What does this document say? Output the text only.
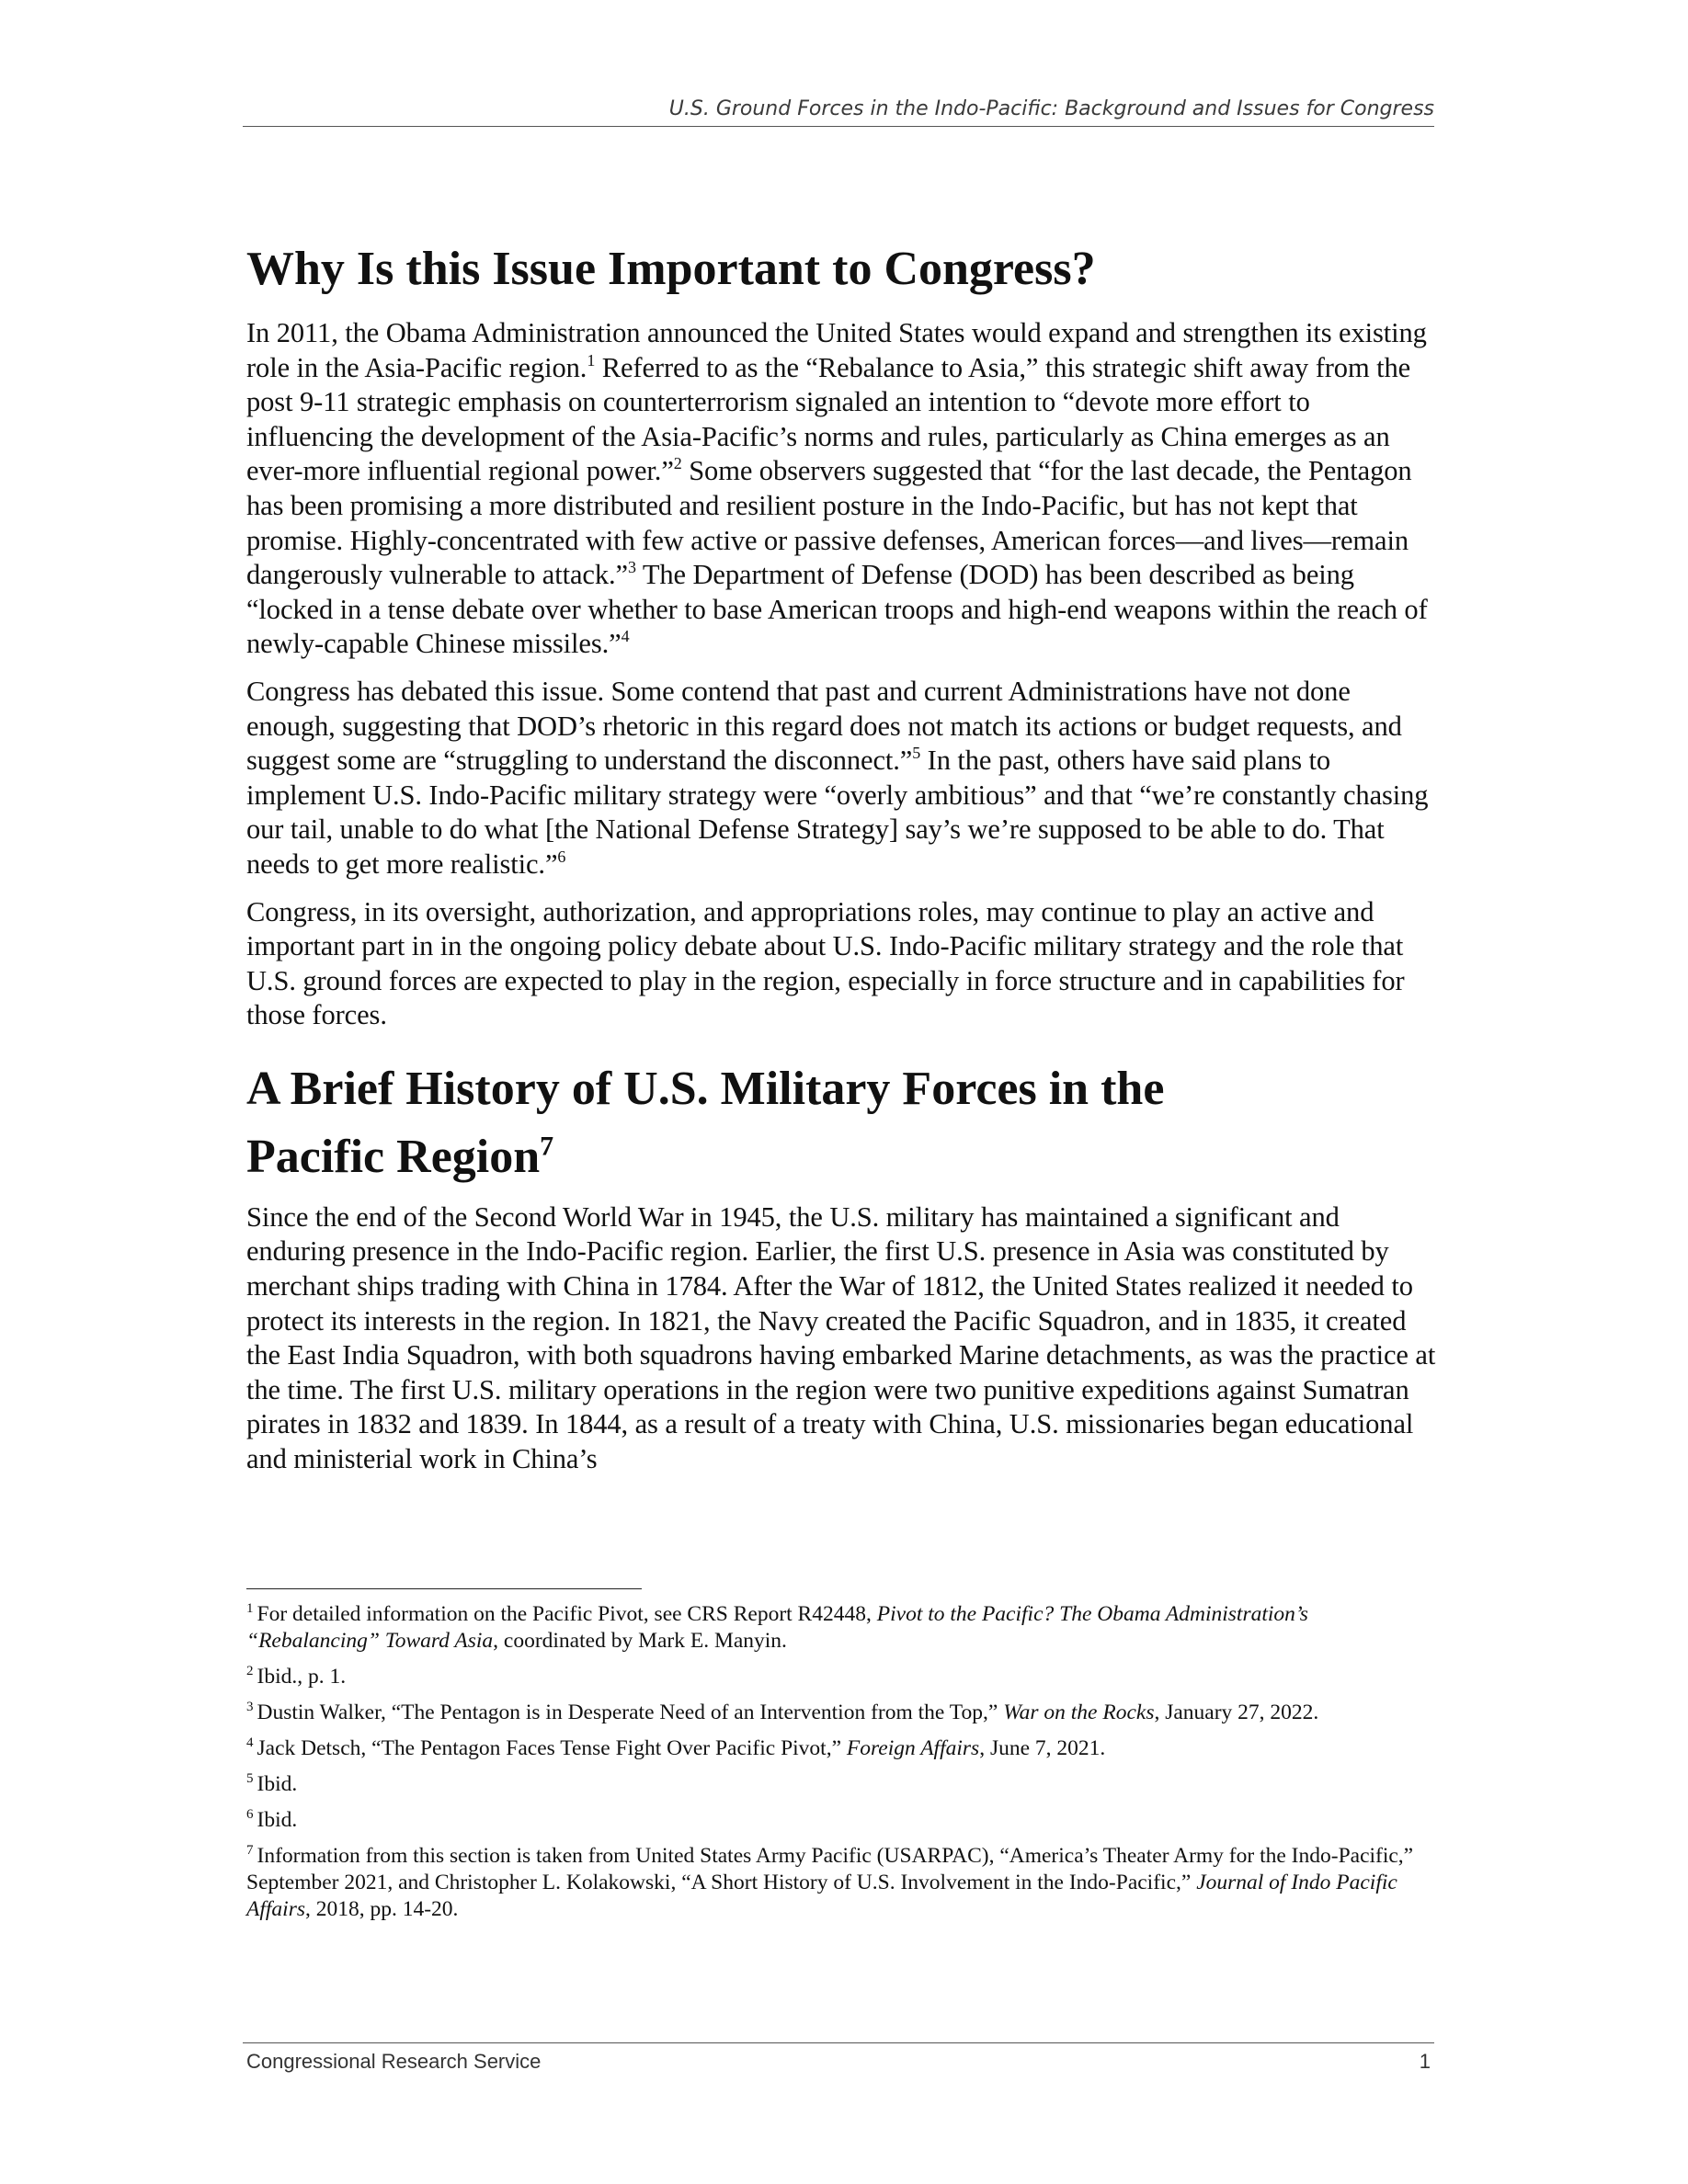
U.S. Ground Forces in the Indo-Pacific: Background and Issues for Congress
Why Is this Issue Important to Congress?

In 2011, the Obama Administration announced the United States would expand and strengthen its existing role in the Asia-Pacific region.$^1$ Referred to as the “Rebalance to Asia,” this strategic shift away from the post 9-11 strategic emphasis on counterterrorism signaled an intention to “devote more effort to influencing the development of the Asia-Pacific’s norms and rules, particularly as China emerges as an ever-more influential regional power.”$^2$ Some observers suggested that “for the last decade, the Pentagon has been promising a more distributed and resilient posture in the Indo-Pacific, but has not kept that promise. Highly-concentrated with few active or passive defenses, American forces—and lives—remain dangerously vulnerable to attack.”$^3$ The Department of Defense (DOD) has been described as being “locked in a tense debate over whether to base American troops and high-end weapons within the reach of newly-capable Chinese missiles.”$^4$

Congress has debated this issue. Some contend that past and current Administrations have not done enough, suggesting that DOD’s rhetoric in this regard does not match its actions or budget requests, and suggest some are “struggling to understand the disconnect.”$^5$ In the past, others have said plans to implement U.S. Indo-Pacific military strategy were “overly ambitious” and that “we’re constantly chasing our tail, unable to do what [the National Defense Strategy] say’s we’re supposed to be able to do. That needs to get more realistic.”$^6$

Congress, in its oversight, authorization, and appropriations roles, may continue to play an active and important part in in the ongoing policy debate about U.S. Indo-Pacific military strategy and the role that U.S. ground forces are expected to play in the region, especially in force structure and in capabilities for those forces.

A Brief History of U.S. Military Forces in the
Pacific Region$^7$

Since the end of the Second World War in 1945, the U.S. military has maintained a significant and enduring presence in the Indo-Pacific region. Earlier, the first U.S. presence in Asia was constituted by merchant ships trading with China in 1784. After the War of 1812, the United States realized it needed to protect its interests in the region. In 1821, the Navy created the Pacific Squadron, and in 1835, it created the East India Squadron, with both squadrons having embarked Marine detachments, as was the practice at the time. The first U.S. military operations in the region were two punitive expeditions against Sumatran pirates in 1832 and 1839. In 1844, as a result of a treaty with China, U.S. missionaries began educational and ministerial work in China’s

$^1$ For detailed information on the Pacific Pivot, see CRS Report R42448, Pivot to the Pacific? The Obama Administration’s “Rebalancing” Toward Asia, coordinated by Mark E. Manyin.

$^2$ Ibid., p. 1.

$^3$ Dustin Walker, “The Pentagon is in Desperate Need of an Intervention from the Top,” War on the Rocks, January 27, 2022.

$^4$ Jack Detsch, “The Pentagon Faces Tense Fight Over Pacific Pivot,” Foreign Affairs, June 7, 2021.

$^5$ Ibid.

$^6$ Ibid.

$^7$ Information from this section is taken from United States Army Pacific (USARPAC), “America’s Theater Army for the Indo-Pacific,” September 2021, and Christopher L. Kolakowski, “A Short History of U.S. Involvement in the Indo-Pacific,” Journal of Indo Pacific Affairs, 2018, pp. 14-20.

Congressional Research Service	1
